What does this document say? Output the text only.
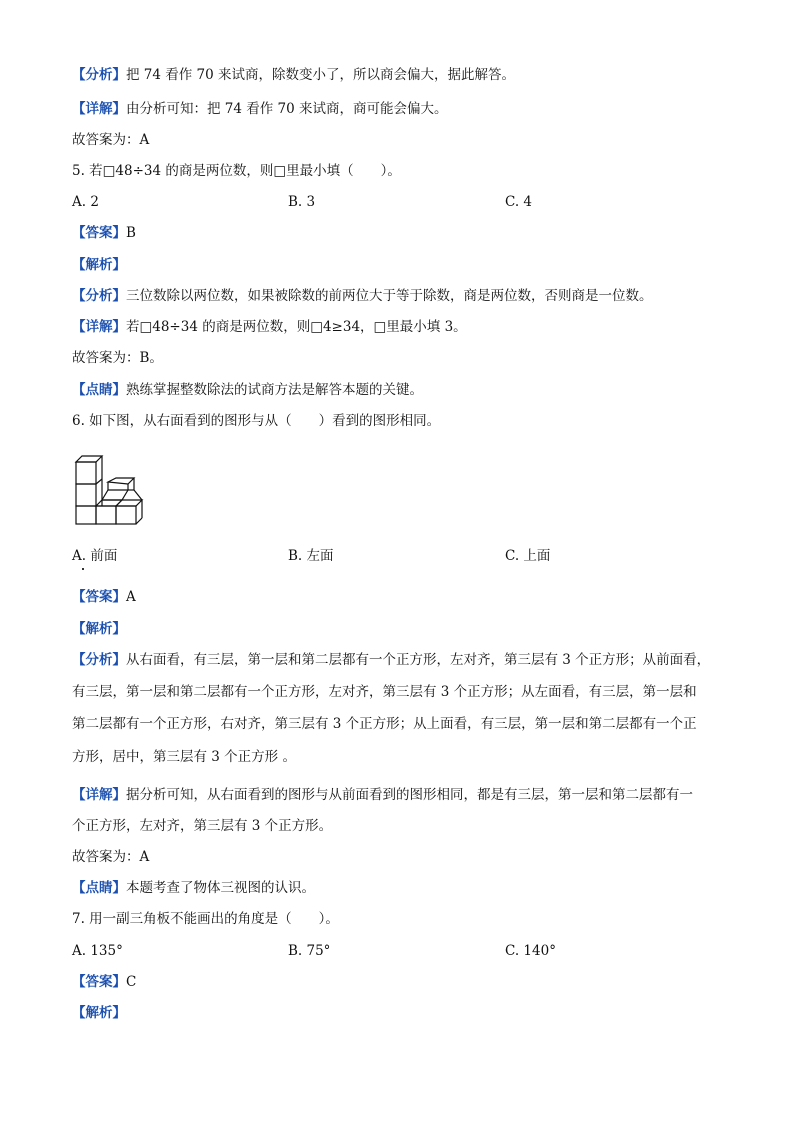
【分析】把 74 看作 70 来试商，除数变小了，所以商会偏大，据此解答。
【详解】由分析可知：把 74 看作 70 来试商，商可能会偏大。
故答案为：A
5. 若□48÷34 的商是两位数，则□里最小填（　　）。
A. 2	B. 3	C. 4
【答案】B
【解析】
【分析】三位数除以两位数，如果被除数的前两位大于等于除数，商是两位数，否则商是一位数。
【详解】若□48÷34 的商是两位数，则□4≥34，□里最小填 3。
故答案为：B。
【点睛】熟练掌握整数除法的试商方法是解答本题的关键。
6. 如下图，从右面看到的图形与从（　　）看到的图形相同。
A. 前面	B. 左面	C. 上面
【答案】A
【解析】
【分析】从右面看，有三层，第一层和第二层都有一个正方形，左对齐，第三层有 3 个正方形；从前面看，
有三层，第一层和第二层都有一个正方形，左对齐，第三层有 3 个正方形；从左面看，有三层，第一层和
第二层都有一个正方形，右对齐，第三层有 3 个正方形；从上面看，有三层，第一层和第二层都有一个正
方形，居中，第三层有 3 个正方形 。
【详解】据分析可知，从右面看到的图形与从前面看到的图形相同，都是有三层，第一层和第二层都有一
个正方形，左对齐，第三层有 3 个正方形。
故答案为：A
【点睛】本题考查了物体三视图的认识。
7. 用一副三角板不能画出的角度是（　　）。
A. 135°	B. 75°	C. 140°
【答案】C
【解析】
